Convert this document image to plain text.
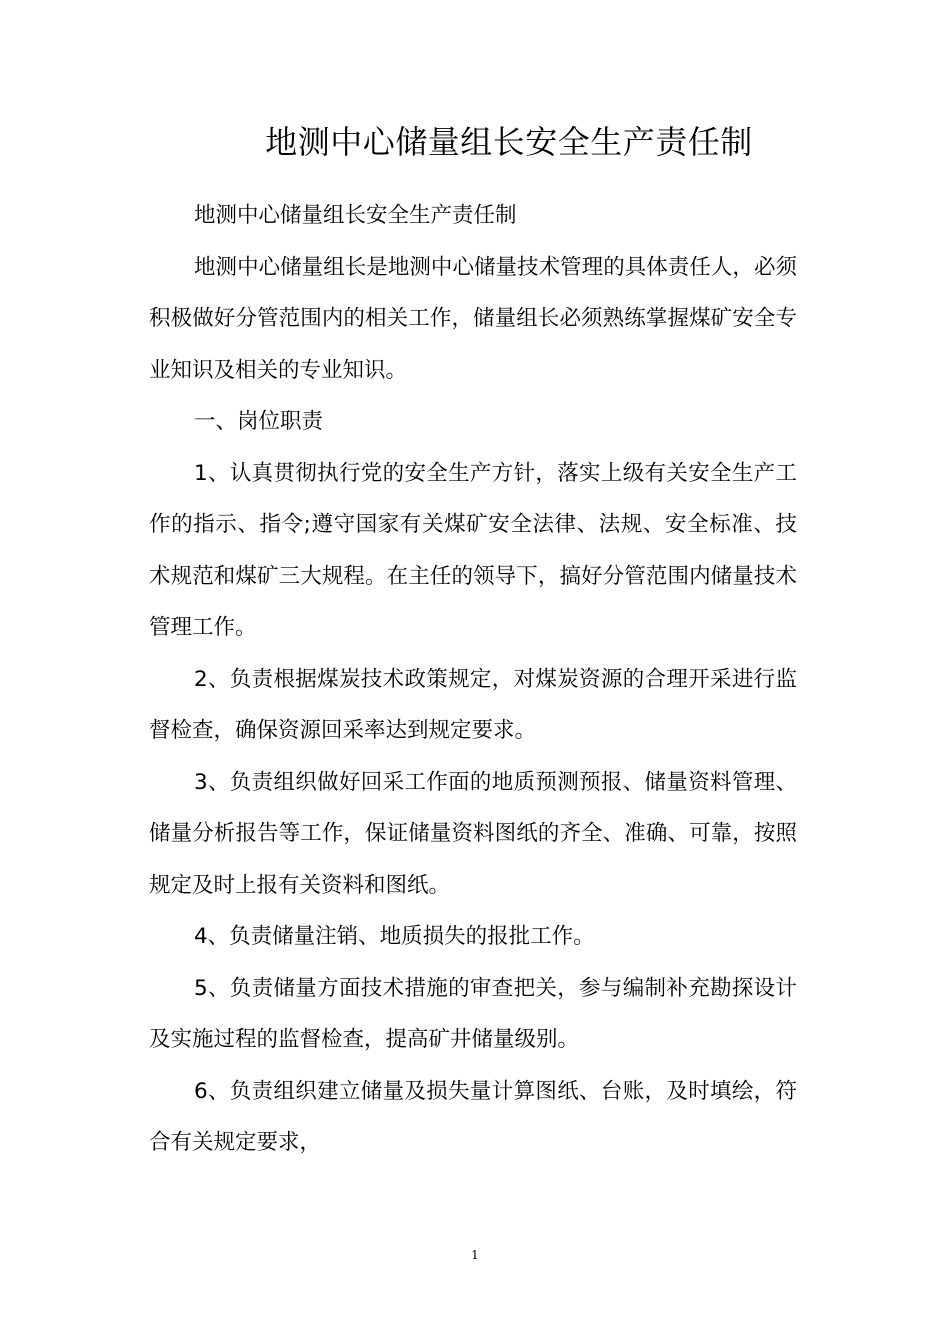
地测中心储量组长安全生产责任制

地测中心储量组长安全生产责任制

地测中心储量组长是地测中心储量技术管理的具体责任人，必须积极做好分管范围内的相关工作，储量组长必须熟练掌握煤矿安全专业知识及相关的专业知识。

一、岗位职责

1、认真贯彻执行党的安全生产方针，落实上级有关安全生产工作的指示、指令;遵守国家有关煤矿安全法律、法规、安全标准、技术规范和煤矿三大规程。在主任的领导下，搞好分管范围内储量技术管理工作。

2、负责根据煤炭技术政策规定，对煤炭资源的合理开采进行监督检查，确保资源回采率达到规定要求。

3、负责组织做好回采工作面的地质预测预报、储量资料管理、储量分析报告等工作，保证储量资料图纸的齐全、准确、可靠，按照规定及时上报有关资料和图纸。

4、负责储量注销、地质损失的报批工作。

5、负责储量方面技术措施的审查把关，参与编制补充勘探设计及实施过程的监督检查，提高矿井储量级别。

6、负责组织建立储量及损失量计算图纸、台账，及时填绘，符合有关规定要求，

1
